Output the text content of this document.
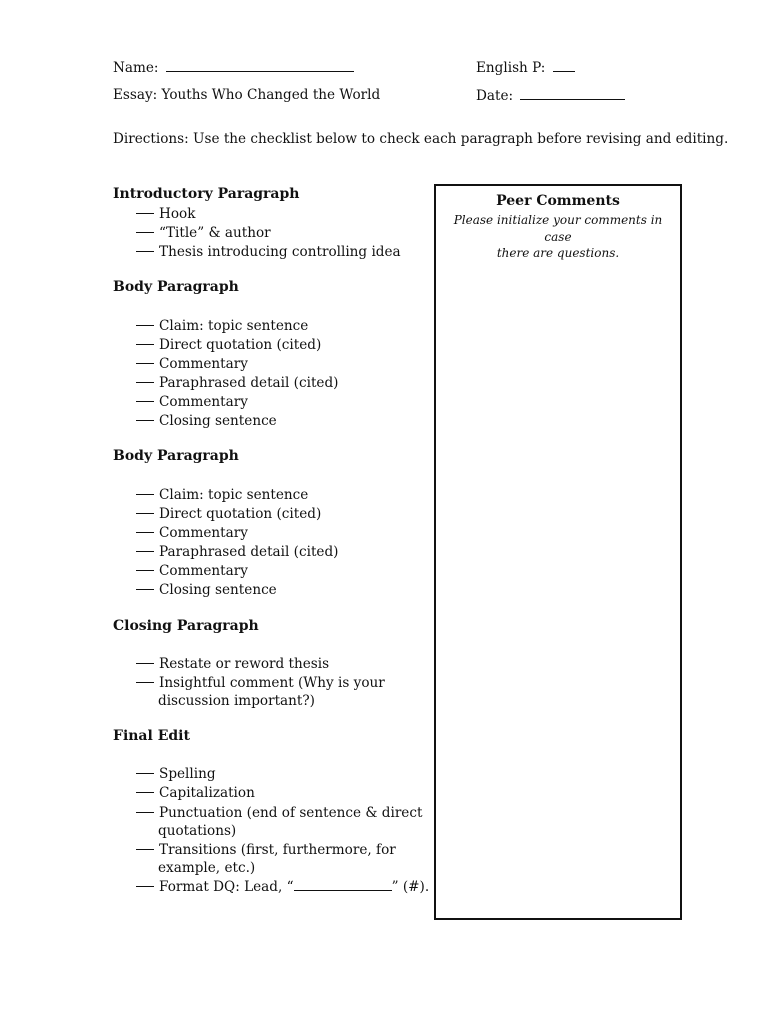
Name:	English P:
Essay: Youths Who Changed the World	Date:
Directions: Use the checklist below to check each paragraph before revising and editing.
Introductory Paragraph
Hook
“Title” & author
Thesis introducing controlling idea
Body Paragraph
Claim: topic sentence
Direct quotation (cited)
Commentary
Paraphrased detail (cited)
Commentary
Closing sentence
Body Paragraph
Claim: topic sentence
Direct quotation (cited)
Commentary
Paraphrased detail (cited)
Commentary
Closing sentence
Closing Paragraph
Restate or reword thesis
Insightful comment (Why is your
discussion important?)
Final Edit
Spelling
Capitalization
Punctuation (end of sentence & direct
quotations)
Transitions (first, furthermore, for
example, etc.)
Format DQ: Lead, “	” (#).
Peer Comments
Please initialize your comments in case
there are questions.
